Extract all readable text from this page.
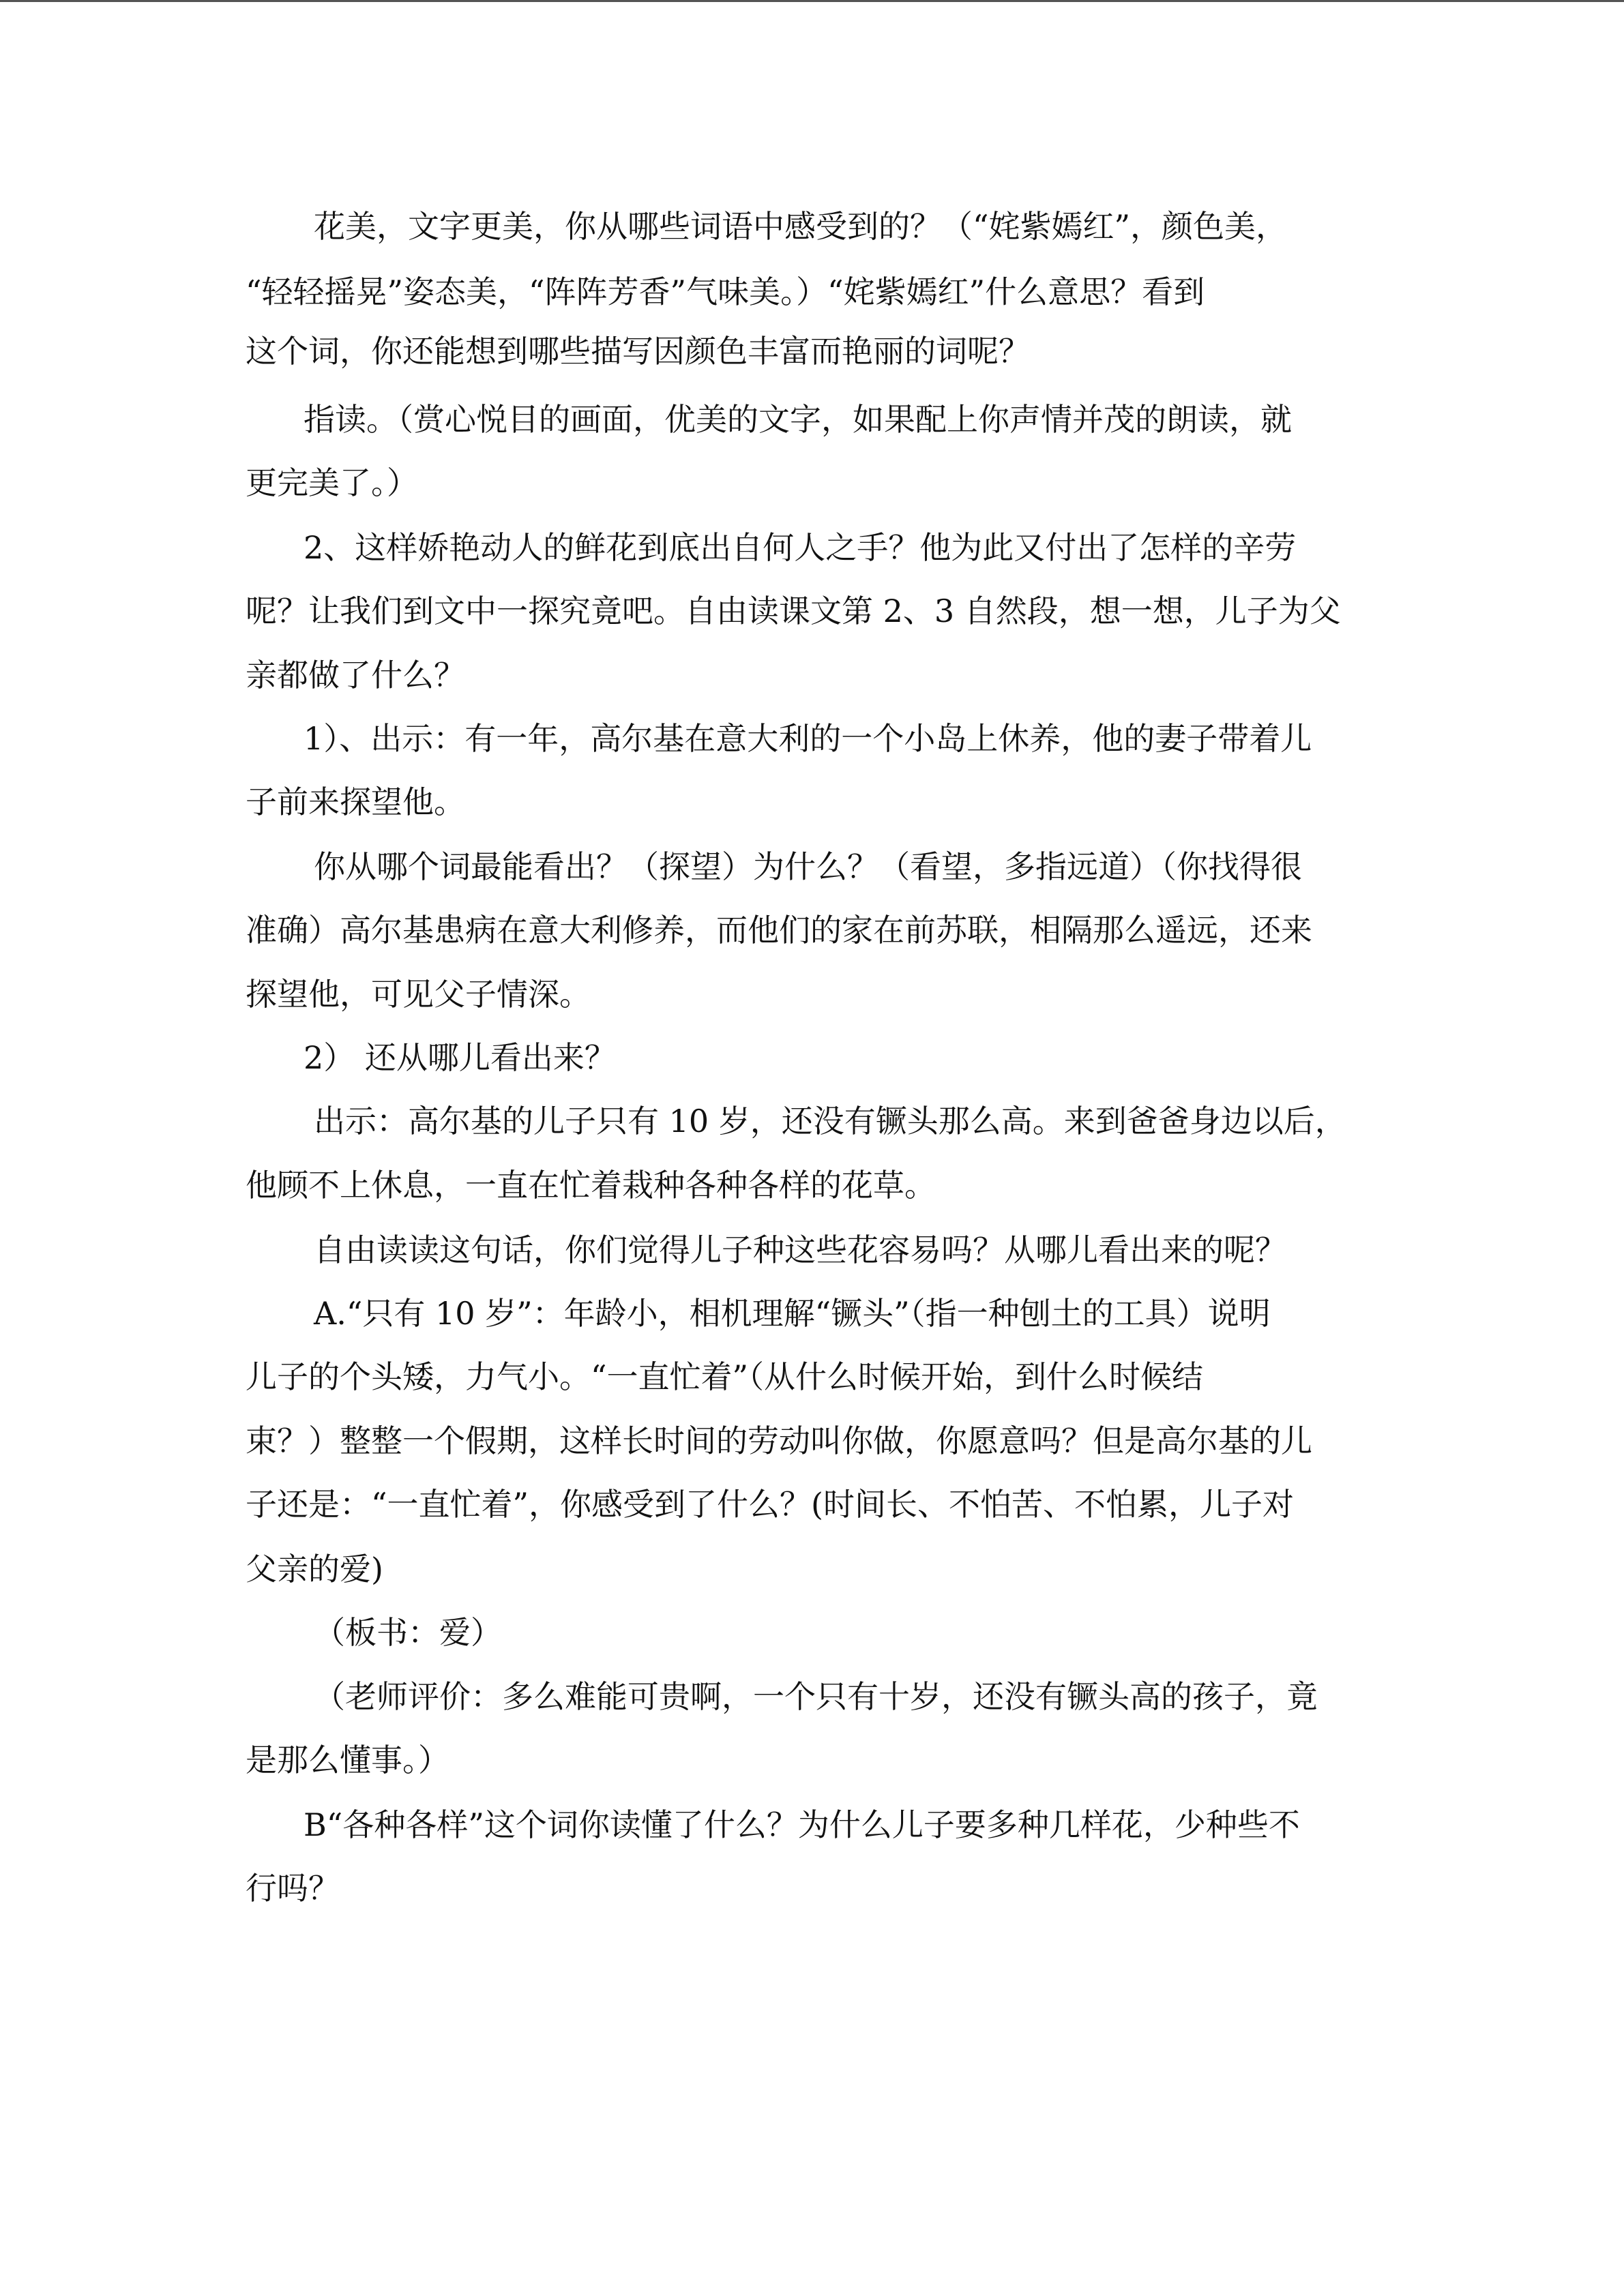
花美，文字更美，你从哪些词语中感受到的？（“姹紫嫣红”，颜色美，
“轻轻摇晃”姿态美，“阵阵芳香”气味美。）“姹紫嫣红”什么意思？看到
这个词，你还能想到哪些描写因颜色丰富而艳丽的词呢？
指读。（赏心悦目的画面，优美的文字，如果配上你声情并茂的朗读，就
更完美了。）
2、这样娇艳动人的鲜花到底出自何人之手？他为此又付出了怎样的辛劳
呢？让我们到文中一探究竟吧。自由读课文第 2、3 自然段，想一想，儿子为父
亲都做了什么？
1）、出示：有一年，高尔基在意大利的一个小岛上休养，他的妻子带着儿
子前来探望他。
你从哪个词最能看出？（探望）为什么？（看望，多指远道）（你找得很
准确）高尔基患病在意大利修养，而他们的家在前苏联，相隔那么遥远，还来
探望他，可见父子情深。
2） 还从哪儿看出来？
出示：高尔基的儿子只有 10 岁，还没有镢头那么高。来到爸爸身边以后，
他顾不上休息，一直在忙着栽种各种各样的花草。
自由读读这句话，你们觉得儿子种这些花容易吗？从哪儿看出来的呢？
A.“只有 10 岁”：年龄小，相机理解“镢头”（指一种刨土的工具）说明
儿子的个头矮，力气小。“一直忙着”（从什么时候开始，到什么时候结
束？）整整一个假期，这样长时间的劳动叫你做，你愿意吗？但是高尔基的儿
子还是：“一直忙着”，你感受到了什么？(时间长、不怕苦、不怕累，儿子对
父亲的爱)
（板书：爱）
（老师评价：多么难能可贵啊，一个只有十岁，还没有镢头高的孩子，竟
是那么懂事。）
B“各种各样”这个词你读懂了什么？为什么儿子要多种几样花，少种些不
行吗？
